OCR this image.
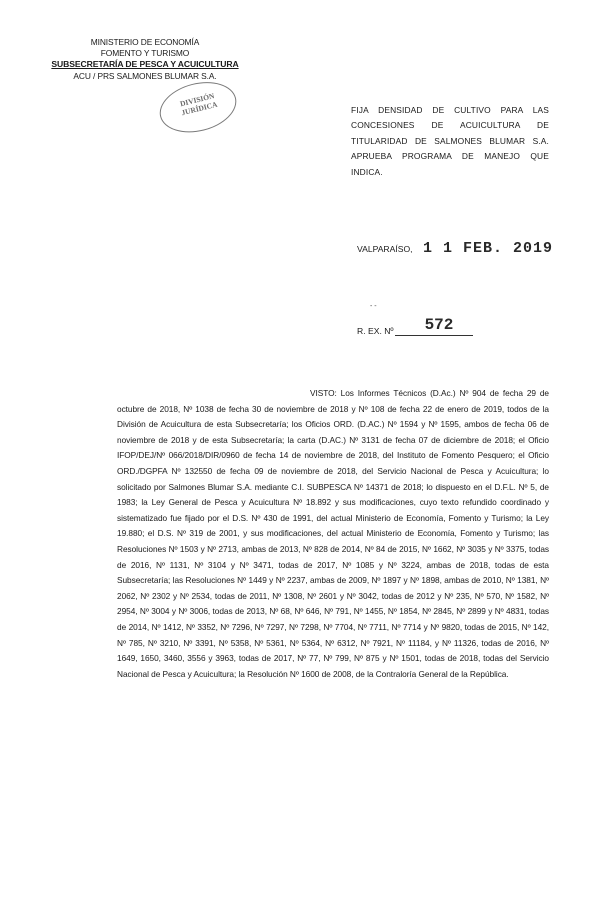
MINISTERIO DE ECONOMÍA
FOMENTO Y TURISMO
SUBSECRETARÍA DE PESCA Y ACUICULTURA
ACU / PRS SALMONES BLUMAR S.A.
DIVISIÓN
JURÍDICA	FIJA DENSIDAD DE CULTIVO PARA LAS CONCESIONES DE ACUICULTURA DE TITULARIDAD DE SALMONES BLUMAR S.A. APRUEBA PROGRAMA DE MANEJO QUE INDICA.
VALPARAÍSO, 1 1 FEB. 2019
- -
R. EX. Nº 572
VISTO: Los Informes Técnicos (D.Ac.) Nº 904 de fecha 29 de octubre de 2018, Nº 1038 de fecha 30 de noviembre de 2018 y Nº 108 de fecha 22 de enero de 2019, todos de la División de Acuicultura de esta Subsecretaría; los Oficios ORD. (D.AC.) Nº 1594 y Nº 1595, ambos de fecha 06 de noviembre de 2018 y de esta Subsecretaría; la carta (D.AC.) Nº 3131 de fecha 07 de diciembre de 2018; el Oficio IFOP/DEJ/Nº 066/2018/DIR/0960 de fecha 14 de noviembre de 2018, del Instituto de Fomento Pesquero; el Oficio ORD./DGPFA Nº 132550 de fecha 09 de noviembre de 2018, del Servicio Nacional de Pesca y Acuicultura; lo solicitado por Salmones Blumar S.A. mediante C.I. SUBPESCA Nº 14371 de 2018; lo dispuesto en el D.F.L. Nº 5, de 1983; la Ley General de Pesca y Acuicultura Nº 18.892 y sus modificaciones, cuyo texto refundido coordinado y sistematizado fue fijado por el D.S. Nº 430 de 1991, del actual Ministerio de Economía, Fomento y Turismo; la Ley 19.880; el D.S. Nº 319 de 2001, y sus modificaciones, del actual Ministerio de Economía, Fomento y Turismo; las Resoluciones Nº 1503 y Nº 2713, ambas de 2013, Nº 828 de 2014, Nº 84 de 2015, Nº 1662, Nº 3035 y Nº 3375, todas de 2016, Nº 1131, Nº 3104 y Nº 3471, todas de 2017, Nº 1085 y Nº 3224, ambas de 2018, todas de esta Subsecretaría; las Resoluciones Nº 1449 y Nº 2237, ambas de 2009, Nº 1897 y Nº 1898, ambas de 2010, Nº 1381, Nº 2062, Nº 2302 y Nº 2534, todas de 2011, Nº 1308, Nº 2601 y Nº 3042, todas de 2012 y Nº 235, Nº 570, Nº 1582, Nº 2954, Nº 3004 y Nº 3006, todas de 2013, Nº 68, Nº 646, Nº 791, Nº 1455, Nº 1854, Nº 2845, Nº 2899 y Nº 4831, todas de 2014, Nº 1412, Nº 3352, Nº 7296, Nº 7297, Nº 7298, Nº 7704, Nº 7711, Nº 7714 y Nº 9820, todas de 2015, Nº 142, Nº 785, Nº 3210, Nº 3391, Nº 5358, Nº 5361, Nº 5364, Nº 6312, Nº 7921, Nº 11184, y Nº 11326, todas de 2016, Nº 1649, 1650, 3460, 3556 y 3963, todas de 2017, Nº 77, Nº 799, Nº 875 y Nº 1501, todas de 2018, todas del Servicio Nacional de Pesca y Acuicultura; la Resolución Nº 1600 de 2008, de la Contraloría General de la República.
